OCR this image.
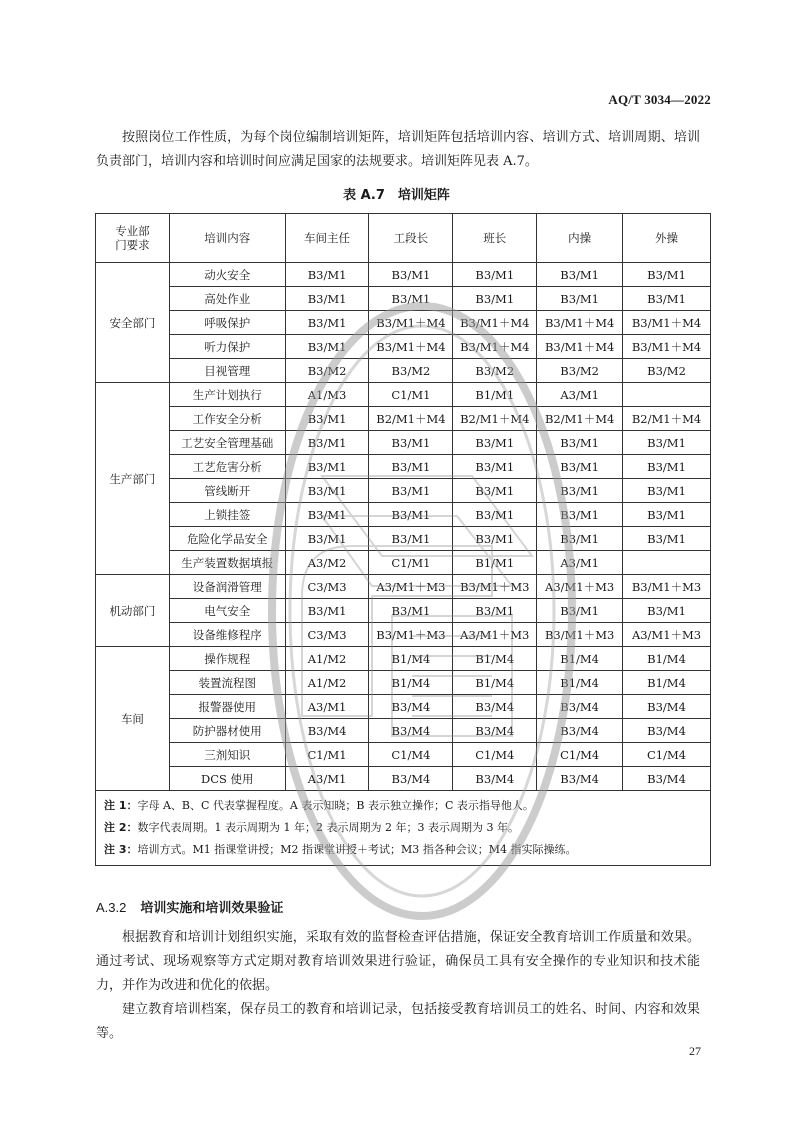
AQ/T 3034—2022

按照岗位工作性质，为每个岗位编制培训矩阵，培训矩阵包括培训内容、培训方式、培训周期、培训负责部门，培训内容和培训时间应满足国家的法规要求。培训矩阵见表 A.7。

表 A.7　培训矩阵
专业部门要求	培训内容	车间主任	工段长	班长	内操	外操
安全部门	动火安全	B3/M1	B3/M1	B3/M1	B3/M1	B3/M1
	高处作业	B3/M1	B3/M1	B3/M1	B3/M1	B3/M1
	呼吸保护	B3/M1	B3/M1＋M4	B3/M1＋M4	B3/M1＋M4	B3/M1＋M4
	听力保护	B3/M1	B3/M1＋M4	B3/M1＋M4	B3/M1＋M4	B3/M1＋M4
	目视管理	B3/M2	B3/M2	B3/M2	B3/M2	B3/M2
生产部门	生产计划执行	A1/M3	C1/M1	B1/M1	A3/M1	
	工作安全分析	B3/M1	B2/M1＋M4	B2/M1＋M4	B2/M1＋M4	B2/M1＋M4
	工艺安全管理基础	B3/M1	B3/M1	B3/M1	B3/M1	B3/M1
	工艺危害分析	B3/M1	B3/M1	B3/M1	B3/M1	B3/M1
	管线断开	B3/M1	B3/M1	B3/M1	B3/M1	B3/M1
	上锁挂签	B3/M1	B3/M1	B3/M1	B3/M1	B3/M1
	危险化学品安全	B3/M1	B3/M1	B3/M1	B3/M1	B3/M1
	生产装置数据填报	A3/M2	C1/M1	B1/M1	A3/M1	
机动部门	设备润滑管理	C3/M3	A3/M1＋M3	B3/M1＋M3	A3/M1＋M3	B3/M1＋M3
	电气安全	B3/M1	B3/M1	B3/M1	B3/M1	B3/M1
	设备维修程序	C3/M3	B3/M1＋M3	A3/M1＋M3	B3/M1＋M3	A3/M1＋M3
车间	操作规程	A1/M2	B1/M4	B1/M4	B1/M4	B1/M4
	装置流程图	A1/M2	B1/M4	B1/M4	B1/M4	B1/M4
	报警器使用	A3/M1	B3/M4	B3/M4	B3/M4	B3/M4
	防护器材使用	B3/M4	B3/M4	B3/M4	B3/M4	B3/M4
	三剂知识	C1/M1	C1/M4	C1/M4	C1/M4	C1/M4
	DCS 使用	A3/M1	B3/M4	B3/M4	B3/M4	B3/M4
注 1：字母 A、B、C 代表掌握程度。A 表示知晓；B 表示独立操作；C 表示指导他人。						
注 2：数字代表周期。1 表示周期为 1 年；2 表示周期为 2 年；3 表示周期为 3 年。						
注 3：培训方式。M1 指课堂讲授；M2 指课堂讲授＋考试；M3 指各种会议；M4 指实际操练。						
A.3.2 培训实施和培训效果验证

根据教育和培训计划组织实施，采取有效的监督检查评估措施，保证安全教育培训工作质量和效果。通过考试、现场观察等方式定期对教育培训效果进行验证，确保员工具有安全操作的专业知识和技术能力，并作为改进和优化的依据。

建立教育培训档案，保存员工的教育和培训记录，包括接受教育培训员工的姓名、时间、内容和效果等。

27
